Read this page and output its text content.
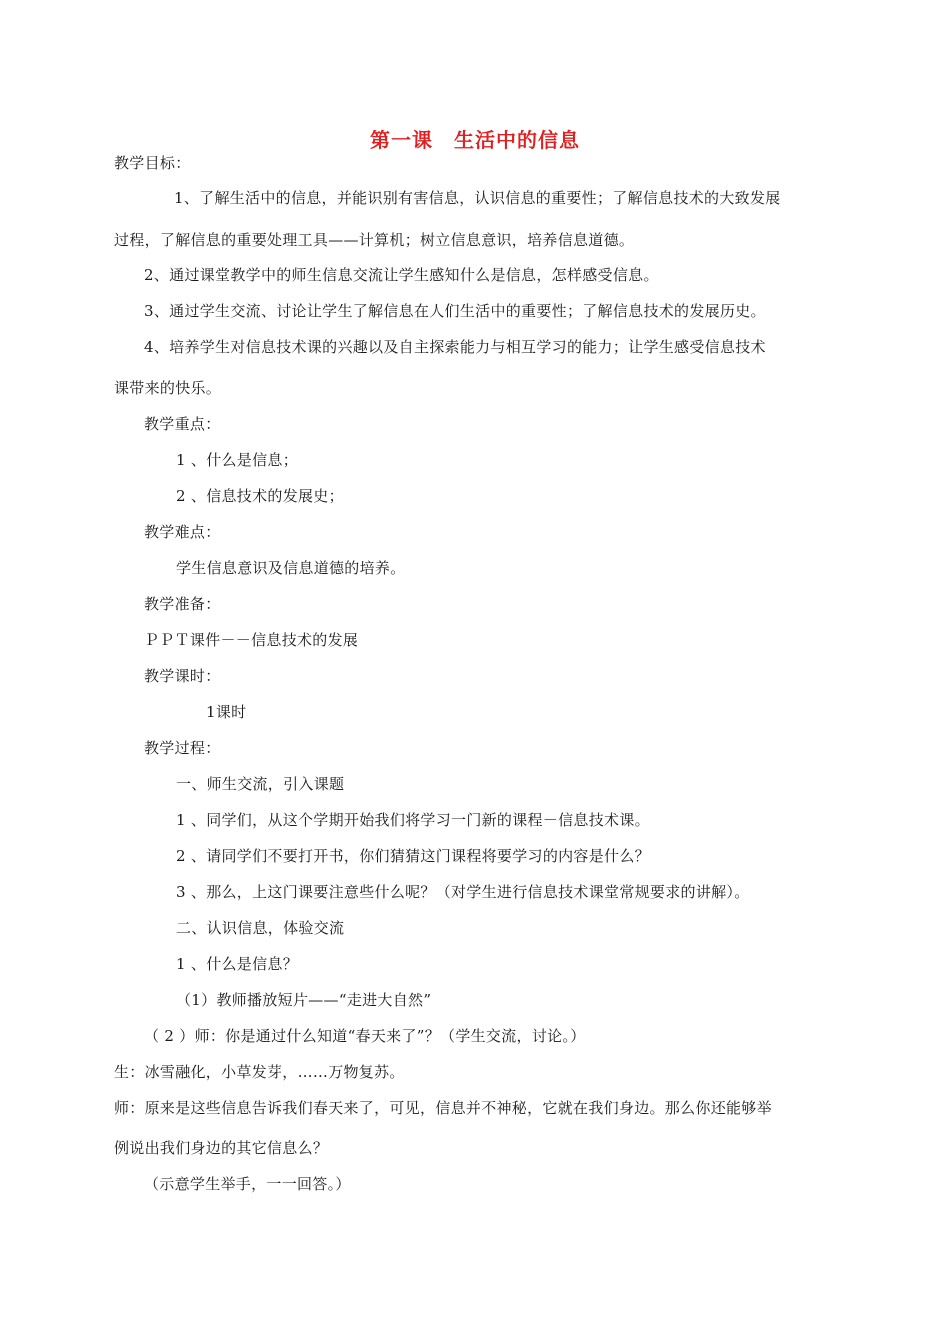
第一课　生活中的信息
教学目标：
1、了解生活中的信息，并能识别有害信息，认识信息的重要性；了解信息技术的大致发展
过程，了解信息的重要处理工具——计算机；树立信息意识，培养信息道德。
2、通过课堂教学中的师生信息交流让学生感知什么是信息，怎样感受信息。
3、通过学生交流、讨论让学生了解信息在人们生活中的重要性；了解信息技术的发展历史。
4、培养学生对信息技术课的兴趣以及自主探索能力与相互学习的能力；让学生感受信息技术
课带来的快乐。
教学重点：
1 、什么是信息；
2 、信息技术的发展史；
教学难点：
学生信息意识及信息道德的培养。
教学准备：
ＰＰＴ课件－－信息技术的发展
教学课时：
1课时
教学过程：
一、师生交流，引入课题
1 、同学们，从这个学期开始我们将学习一门新的课程－信息技术课。
2 、请同学们不要打开书，你们猜猜这门课程将要学习的内容是什么？
3 、那么，上这门课要注意些什么呢？（对学生进行信息技术课堂常规要求的讲解）。
二、认识信息，体验交流
1 、什么是信息？
（1）教师播放短片——“走进大自然”
（ 2 ）师：你是通过什么知道“春天来了”？（学生交流，讨论。）
生：冰雪融化，小草发芽，……万物复苏。
师：原来是这些信息告诉我们春天来了，可见，信息并不神秘，它就在我们身边。那么你还能够举
例说出我们身边的其它信息么？
（示意学生举手，一一回答。）
